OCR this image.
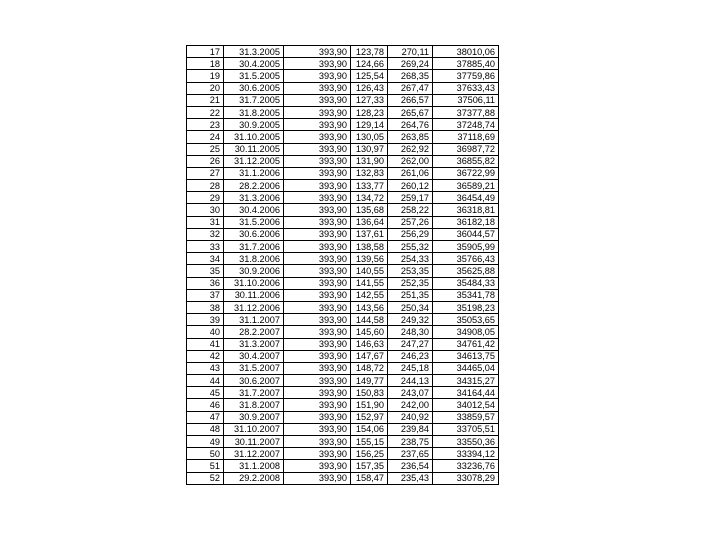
17	31.3.2005	393,90	123,78	270,11	38010,06
18	30.4.2005	393,90	124,66	269,24	37885,40
19	31.5.2005	393,90	125,54	268,35	37759,86
20	30.6.2005	393,90	126,43	267,47	37633,43
21	31.7.2005	393,90	127,33	266,57	37506,11
22	31.8.2005	393,90	128,23	265,67	37377,88
23	30.9.2005	393,90	129,14	264,76	37248,74
24	31.10.2005	393,90	130,05	263,85	37118,69
25	30.11.2005	393,90	130,97	262,92	36987,72
26	31.12.2005	393,90	131,90	262,00	36855,82
27	31.1.2006	393,90	132,83	261,06	36722,99
28	28.2.2006	393,90	133,77	260,12	36589,21
29	31.3.2006	393,90	134,72	259,17	36454,49
30	30.4.2006	393,90	135,68	258,22	36318,81
31	31.5.2006	393,90	136,64	257,26	36182,18
32	30.6.2006	393,90	137,61	256,29	36044,57
33	31.7.2006	393,90	138,58	255,32	35905,99
34	31.8.2006	393,90	139,56	254,33	35766,43
35	30.9.2006	393,90	140,55	253,35	35625,88
36	31.10.2006	393,90	141,55	252,35	35484,33
37	30.11.2006	393,90	142,55	251,35	35341,78
38	31.12.2006	393,90	143,56	250,34	35198,23
39	31.1.2007	393,90	144,58	249,32	35053,65
40	28.2.2007	393,90	145,60	248,30	34908,05
41	31.3.2007	393,90	146,63	247,27	34761,42
42	30.4.2007	393,90	147,67	246,23	34613,75
43	31.5.2007	393,90	148,72	245,18	34465,04
44	30.6.2007	393,90	149,77	244,13	34315,27
45	31.7.2007	393,90	150,83	243,07	34164,44
46	31.8.2007	393,90	151,90	242,00	34012,54
47	30.9.2007	393,90	152,97	240,92	33859,57
48	31.10.2007	393,90	154,06	239,84	33705,51
49	30.11.2007	393,90	155,15	238,75	33550,36
50	31.12.2007	393,90	156,25	237,65	33394,12
51	31.1.2008	393,90	157,35	236,54	33236,76
52	29.2.2008	393,90	158,47	235,43	33078,29
